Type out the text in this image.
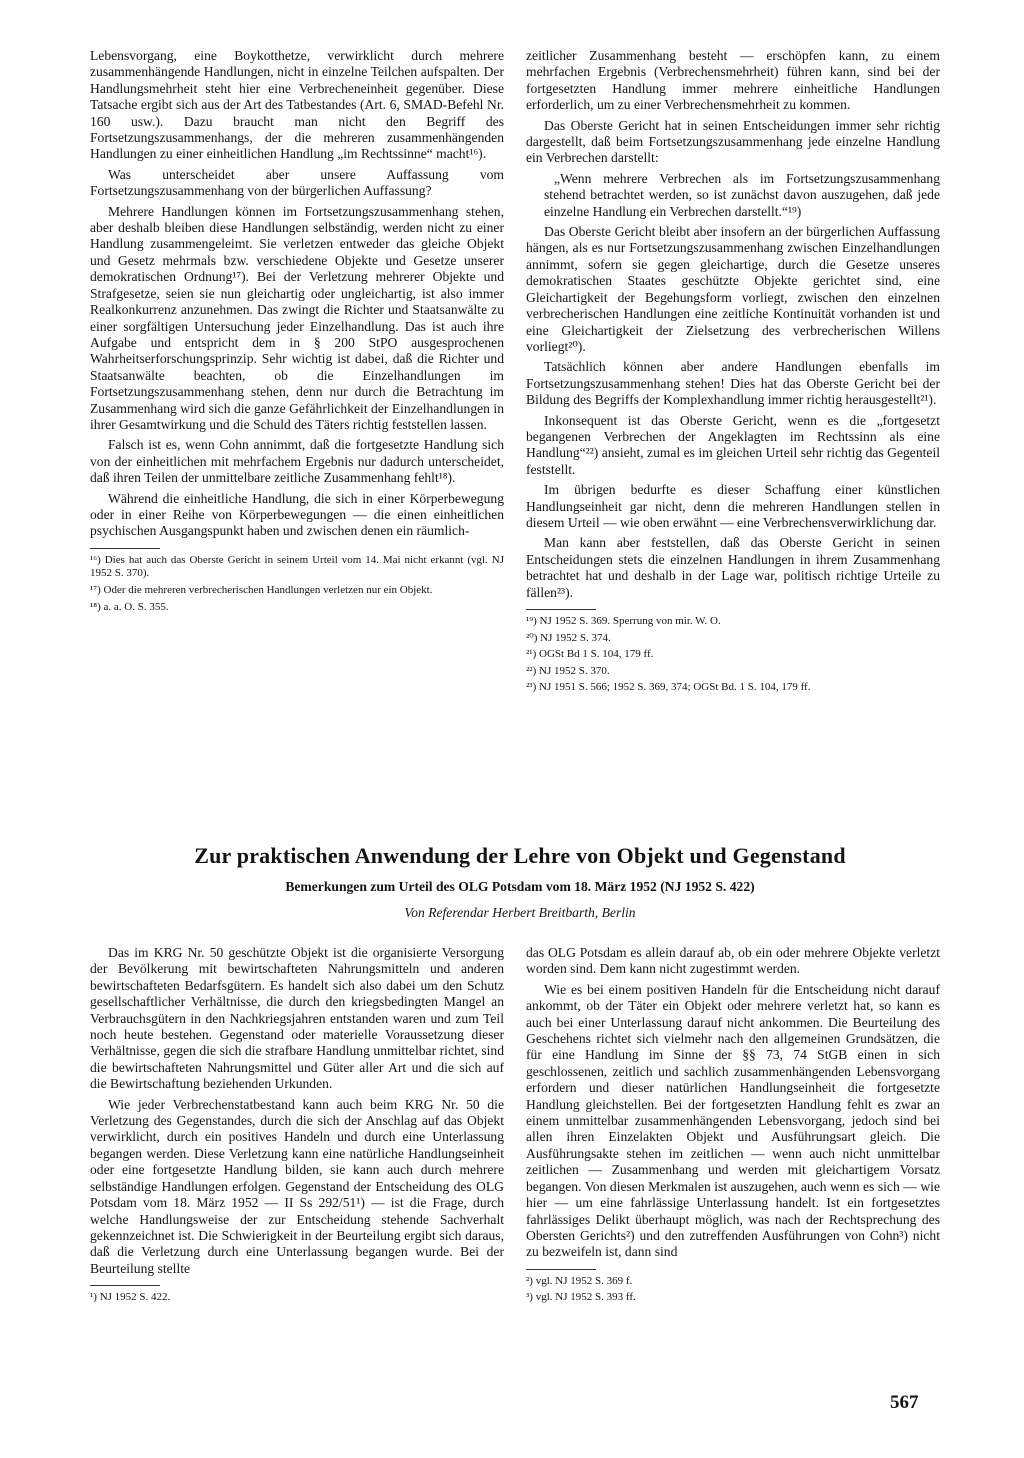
Lebensvorgang, eine Boykotthetze, verwirklicht durch mehrere zusammenhängende Handlungen, nicht in einzelne Teilchen aufspalten. Der Handlungsmehrheit steht hier eine Verbrecheneinheit gegenüber. Diese Tatsache ergibt sich aus der Art des Tatbestandes (Art. 6, SMAD-Befehl Nr. 160 usw.). Dazu braucht man nicht den Begriff des Fortsetzungszusammenhangs, der die mehreren zusammenhängenden Handlungen zu einer einheitlichen Handlung „im Rechtssinne“ macht¹⁶).

Was unterscheidet aber unsere Auffassung vom Fortsetzungszusammenhang von der bürgerlichen Auffassung?

Mehrere Handlungen können im Fortsetzungszusammenhang stehen, aber deshalb bleiben diese Handlungen selbständig, werden nicht zu einer Handlung zusammengeleimt. Sie verletzen entweder das gleiche Objekt und Gesetz mehrmals bzw. verschiedene Objekte und Gesetze unserer demokratischen Ordnung¹⁷). Bei der Verletzung mehrerer Objekte und Strafgesetze, seien sie nun gleichartig oder ungleichartig, ist also immer Realkonkurrenz anzunehmen. Das zwingt die Richter und Staatsanwälte zu einer sorgfältigen Untersuchung jeder Einzelhandlung. Das ist auch ihre Aufgabe und entspricht dem in § 200 StPO ausgesprochenen Wahrheitserforschungsprinzip. Sehr wichtig ist dabei, daß die Richter und Staatsanwälte beachten, ob die Einzelhandlungen im Fortsetzungszusammenhang stehen, denn nur durch die Betrachtung im Zusammenhang wird sich die ganze Gefährlichkeit der Einzelhandlungen in ihrer Gesamtwirkung und die Schuld des Täters richtig feststellen lassen.

Falsch ist es, wenn Cohn annimmt, daß die fortgesetzte Handlung sich von der einheitlichen mit mehrfachem Ergebnis nur dadurch unterscheidet, daß ihren Teilen der unmittelbare zeitliche Zusammenhang fehlt¹⁸).

Während die einheitliche Handlung, die sich in einer Körperbewegung oder in einer Reihe von Körperbewegungen — die einen einheitlichen psychischen Ausgangspunkt haben und zwischen denen ein räumlich-

¹⁶) Dies hat auch das Oberste Gericht in seinem Urteil vom 14. Mai nicht erkannt (vgl. NJ 1952 S. 370).

¹⁷) Oder die mehreren verbrecherischen Handlungen verletzen nur ein Objekt.

¹⁸) a. a. O. S. 355.

zeitlicher Zusammenhang besteht — erschöpfen kann, zu einem mehrfachen Ergebnis (Verbrechensmehrheit) führen kann, sind bei der fortgesetzten Handlung immer mehrere einheitliche Handlungen erforderlich, um zu einer Verbrechensmehrheit zu kommen.

Das Oberste Gericht hat in seinen Entscheidungen immer sehr richtig dargestellt, daß beim Fortsetzungszusammenhang jede einzelne Handlung ein Verbrechen darstellt:

„Wenn mehrere Verbrechen als im Fortsetzungszusammenhang stehend betrachtet werden, so ist zunächst davon auszugehen, daß jede einzelne Handlung ein Verbrechen darstellt.“¹⁹)

Das Oberste Gericht bleibt aber insofern an der bürgerlichen Auffassung hängen, als es nur Fortsetzungszusammenhang zwischen Einzelhandlungen annimmt, sofern sie gegen gleichartige, durch die Gesetze unseres demokratischen Staates geschützte Objekte gerichtet sind, eine Gleichartigkeit der Begehungsform vorliegt, zwischen den einzelnen verbrecherischen Handlungen eine zeitliche Kontinuität vorhanden ist und eine Gleichartigkeit der Zielsetzung des verbrecherischen Willens vorliegt²⁰).

Tatsächlich können aber andere Handlungen ebenfalls im Fortsetzungszusammenhang stehen! Dies hat das Oberste Gericht bei der Bildung des Begriffs der Komplexhandlung immer richtig herausgestellt²¹).

Inkonsequent ist das Oberste Gericht, wenn es die „fortgesetzt begangenen Verbrechen der Angeklagten im Rechtssinn als eine Handlung“²²) ansieht, zumal es im gleichen Urteil sehr richtig das Gegenteil feststellt.

Im übrigen bedurfte es dieser Schaffung einer künstlichen Handlungseinheit gar nicht, denn die mehreren Handlungen stellen in diesem Urteil — wie oben erwähnt — eine Verbrechensverwirklichung dar.

Man kann aber feststellen, daß das Oberste Gericht in seinen Entscheidungen stets die einzelnen Handlungen in ihrem Zusammenhang betrachtet hat und deshalb in der Lage war, politisch richtige Urteile zu fällen²³).

¹⁹) NJ 1952 S. 369. Sperrung von mir. W. O.

²⁰) NJ 1952 S. 374.

²¹) OGSt Bd 1 S. 104, 179 ff.

²²) NJ 1952 S. 370.

²³) NJ 1951 S. 566; 1952 S. 369, 374; OGSt Bd. 1 S. 104, 179 ff.

Zur praktischen Anwendung der Lehre von Objekt und Gegenstand
Bemerkungen zum Urteil des OLG Potsdam vom 18. März 1952 (NJ 1952 S. 422)
Von Referendar Herbert Breitbarth, Berlin

Das im KRG Nr. 50 geschützte Objekt ist die organisierte Versorgung der Bevölkerung mit bewirtschafteten Nahrungsmitteln und anderen bewirtschafteten Bedarfsgütern. Es handelt sich also dabei um den Schutz gesellschaftlicher Verhältnisse, die durch den kriegsbedingten Mangel an Verbrauchsgütern in den Nachkriegsjahren entstanden waren und zum Teil noch heute bestehen. Gegenstand oder materielle Voraussetzung dieser Verhältnisse, gegen die sich die strafbare Handlung unmittelbar richtet, sind die bewirtschafteten Nahrungsmittel und Güter aller Art und die sich auf die Bewirtschaftung beziehenden Urkunden.

Wie jeder Verbrechenstatbestand kann auch beim KRG Nr. 50 die Verletzung des Gegenstandes, durch die sich der Anschlag auf das Objekt verwirklicht, durch ein positives Handeln und durch eine Unterlassung begangen werden. Diese Verletzung kann eine natürliche Handlungseinheit oder eine fortgesetzte Handlung bilden, sie kann auch durch mehrere selbständige Handlungen erfolgen. Gegenstand der Entscheidung des OLG Potsdam vom 18. März 1952 — II Ss 292/51¹) — ist die Frage, durch welche Handlungsweise der zur Entscheidung stehende Sachverhalt gekennzeichnet ist. Die Schwierigkeit in der Beurteilung ergibt sich daraus, daß die Verletzung durch eine Unterlassung begangen wurde. Bei der Beurteilung stellte

¹) NJ 1952 S. 422.

das OLG Potsdam es allein darauf ab, ob ein oder mehrere Objekte verletzt worden sind. Dem kann nicht zugestimmt werden.

Wie es bei einem positiven Handeln für die Entscheidung nicht darauf ankommt, ob der Täter ein Objekt oder mehrere verletzt hat, so kann es auch bei einer Unterlassung darauf nicht ankommen. Die Beurteilung des Geschehens richtet sich vielmehr nach den allgemeinen Grundsätzen, die für eine Handlung im Sinne der §§ 73, 74 StGB einen in sich geschlossenen, zeitlich und sachlich zusammenhängenden Lebensvorgang erfordern und dieser natürlichen Handlungseinheit die fortgesetzte Handlung gleichstellen. Bei der fortgesetzten Handlung fehlt es zwar an einem unmittelbar zusammenhängenden Lebensvorgang, jedoch sind bei allen ihren Einzelakten Objekt und Ausführungsart gleich. Die Ausführungsakte stehen im zeitlichen — wenn auch nicht unmittelbar zeitlichen — Zusammenhang und werden mit gleichartigem Vorsatz begangen. Von diesen Merkmalen ist auszugehen, auch wenn es sich — wie hier — um eine fahrlässige Unterlassung handelt. Ist ein fortgesetztes fahrlässiges Delikt überhaupt möglich, was nach der Rechtsprechung des Obersten Gerichts²) und den zutreffenden Ausführungen von Cohn³) nicht zu bezweifeln ist, dann sind

²) vgl. NJ 1952 S. 369 f.

³) vgl. NJ 1952 S. 393 ff.

567
